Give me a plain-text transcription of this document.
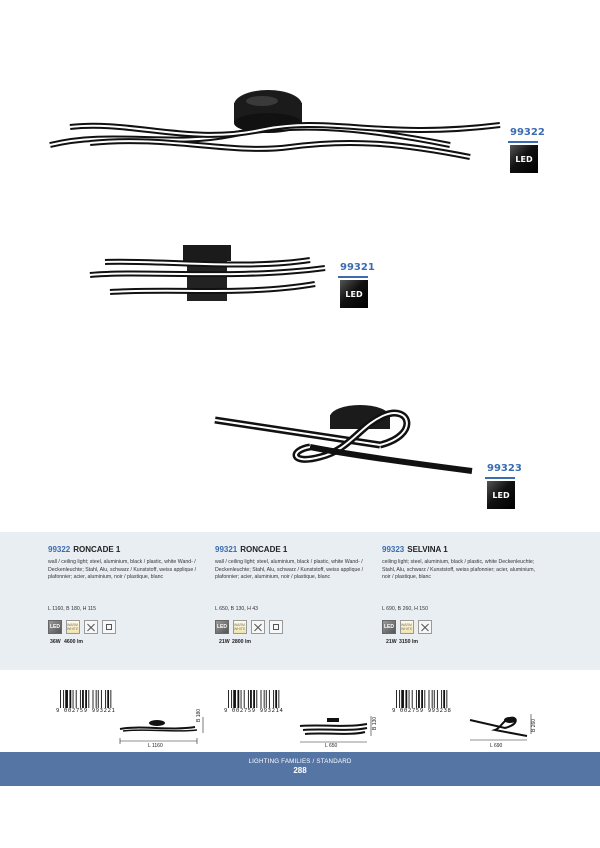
99322
LED
99321
LED
99323
LED
99322 RONCADE 1
wall / ceiling light; steel, aluminium, black / plastic, white Wand- / Deckenleuchte; Stahl, Alu, schwarz / Kunststoff, weiss applique / plafonnier; acier, aluminium, noir / plastique, blanc
L 1160, B 180, H 115
LED	WARM WHITE
36W 4600 lm
99321 RONCADE 1
wall / ceiling light; steel, aluminium, black / plastic, white Wand- / Deckenleuchte; Stahl, Alu, schwarz / Kunststoff, weiss applique / plafonnier; acier, aluminium, noir / plastique, blanc
L 650, B 130, H 43
LED	WARM WHITE
21W 2800 lm
99323 SELVINA 1
ceiling light; steel, aluminium, black / plastic, white Deckenleuchte; Stahl, Alu, schwarz / Kunststoff, weiss plafonnier; acier, aluminium, noir / plastique, blanc
L 690, B 260, H 150
LED	WARM WHITE
21W 3150 lm
9 002759 993221
L 1160
B 180	9 002759 993214
L 650
B 130
9 002759 993238
L 690
B 260
LIGHTING FAMILIES / STANDARD
288
